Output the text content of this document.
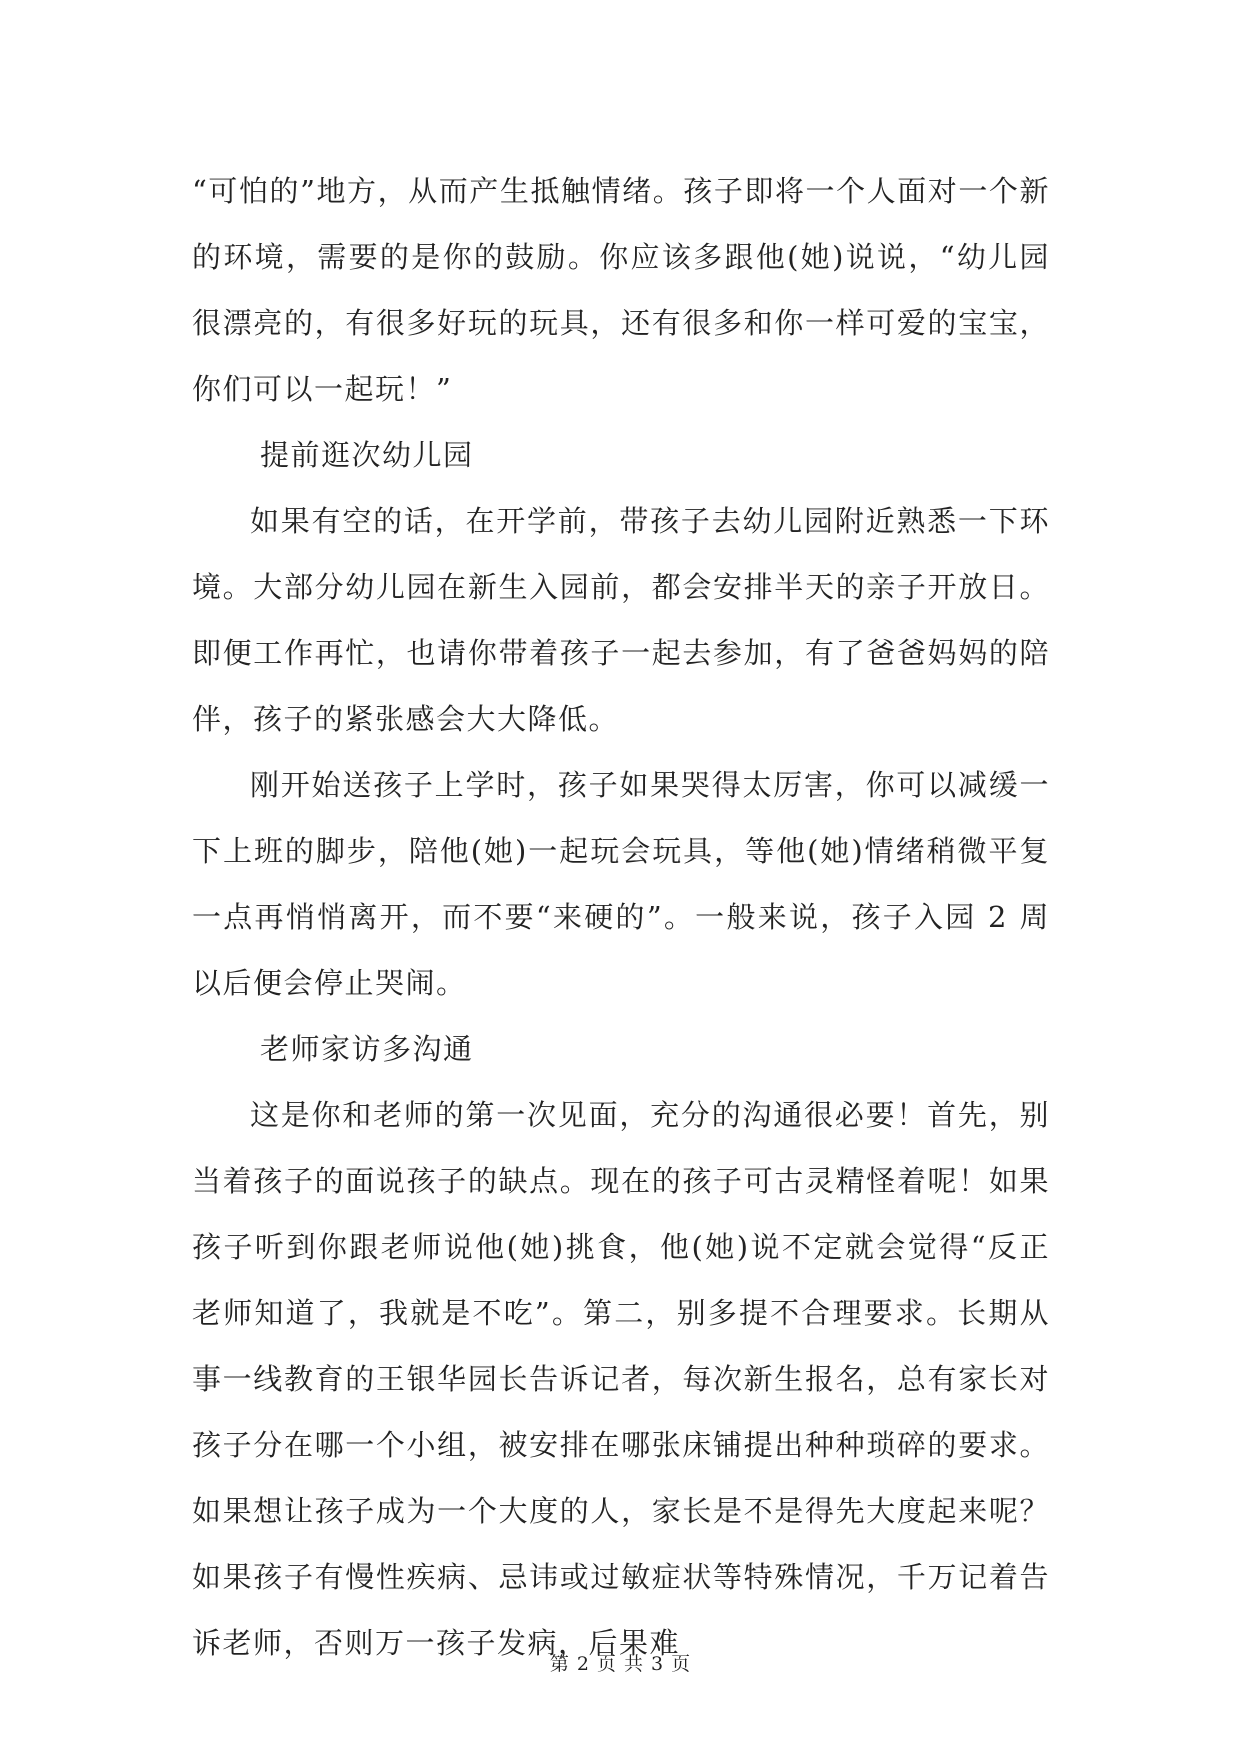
“可怕的”地方，从而产生抵触情绪。孩子即将一个人面对一个新的环境，需要的是你的鼓励。你应该多跟他(她)说说，“幼儿园很漂亮的，有很多好玩的玩具，还有很多和你一样可爱的宝宝，你们可以一起玩！”

提前逛次幼儿园

如果有空的话，在开学前，带孩子去幼儿园附近熟悉一下环境。大部分幼儿园在新生入园前，都会安排半天的亲子开放日。即便工作再忙，也请你带着孩子一起去参加，有了爸爸妈妈的陪伴，孩子的紧张感会大大降低。

刚开始送孩子上学时，孩子如果哭得太厉害，你可以减缓一下上班的脚步，陪他(她)一起玩会玩具，等他(她)情绪稍微平复一点再悄悄离开，而不要“来硬的”。一般来说，孩子入园 2 周以后便会停止哭闹。

老师家访多沟通

这是你和老师的第一次见面，充分的沟通很必要！首先，别当着孩子的面说孩子的缺点。现在的孩子可古灵精怪着呢！如果孩子听到你跟老师说他(她)挑食，他(她)说不定就会觉得“反正老师知道了，我就是不吃”。第二，别多提不合理要求。长期从事一线教育的王银华园长告诉记者，每次新生报名，总有家长对孩子分在哪一个小组，被安排在哪张床铺提出种种琐碎的要求。如果想让孩子成为一个大度的人，家长是不是得先大度起来呢？如果孩子有慢性疾病、忌讳或过敏症状等特殊情况，千万记着告诉老师，否则万一孩子发病，后果难

第 2 页 共 3 页
